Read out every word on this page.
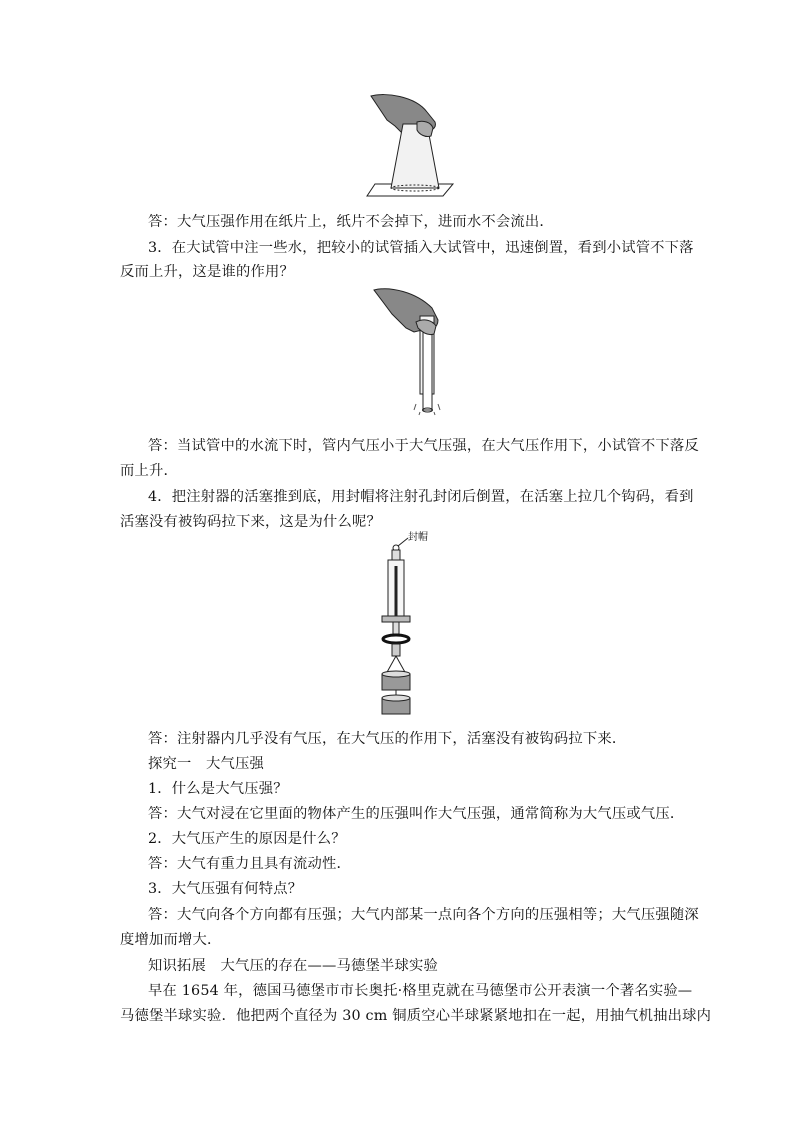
答：大气压强作用在纸片上，纸片不会掉下，进而水不会流出．
3．在大试管中注一些水，把较小的试管插入大试管中，迅速倒置，看到小试管不下落
反而上升，这是谁的作用？
答：当试管中的水流下时，管内气压小于大气压强，在大气压作用下，小试管不下落反
而上升．
4．把注射器的活塞推到底，用封帽将注射孔封闭后倒置，在活塞上拉几个钩码，看到
活塞没有被钩码拉下来，这是为什么呢？
封帽
答：注射器内几乎没有气压，在大气压的作用下，活塞没有被钩码拉下来．
探究一　大气压强
1．什么是大气压强？
答：大气对浸在它里面的物体产生的压强叫作大气压强，通常简称为大气压或气压．
2．大气压产生的原因是什么？
答：大气有重力且具有流动性．
3．大气压强有何特点？
答：大气向各个方向都有压强；大气内部某一点向各个方向的压强相等；大气压强随深
度增加而增大．
知识拓展　大气压的存在——马德堡半球实验
早在 1654 年，德国马德堡市市长奥托·格里克就在马德堡市公开表演一个著名实验—
马德堡半球实验．他把两个直径为 30 cm 铜质空心半球紧紧地扣在一起，用抽气机抽出球内
